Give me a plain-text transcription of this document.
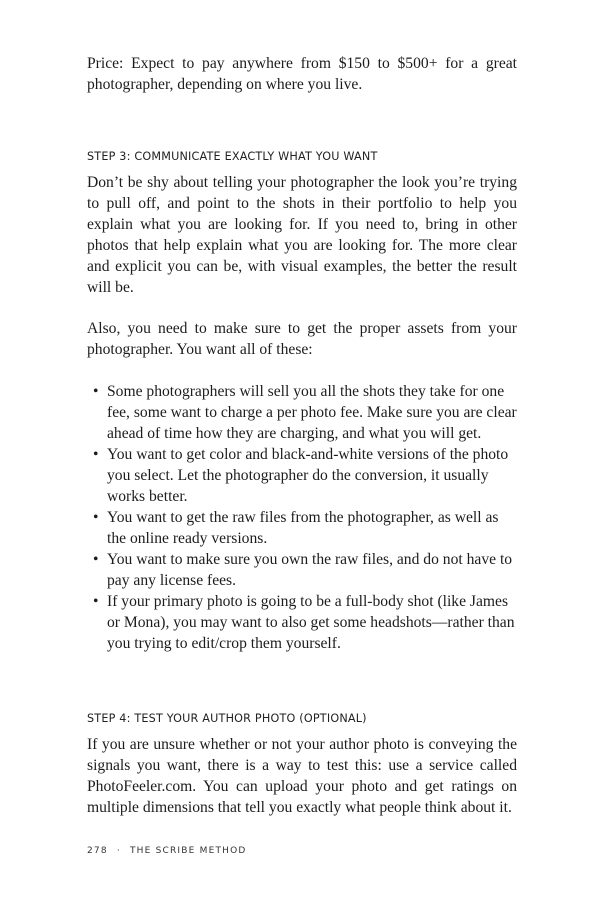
Price: Expect to pay anywhere from $150 to $500+ for a great photographer, depending on where you live.

STEP 3: COMMUNICATE EXACTLY WHAT YOU WANT

Don’t be shy about telling your photographer the look you’re trying to pull off, and point to the shots in their portfolio to help you explain what you are looking for. If you need to, bring in other photos that help explain what you are looking for. The more clear and explicit you can be, with visual examples, the better the result will be.

Also, you need to make sure to get the proper assets from your photographer. You want all of these:

• Some photographers will sell you all the shots they take for one fee, some want to charge a per photo fee. Make sure you are clear ahead of time how they are charging, and what you will get.
• You want to get color and black-and-white versions of the photo you select. Let the photographer do the conversion, it usually works better.
• You want to get the raw files from the photographer, as well as the online ready versions.
• You want to make sure you own the raw files, and do not have to pay any license fees.
• If your primary photo is going to be a full-body shot (like James or Mona), you may want to also get some headshots—rather than you trying to edit/crop them yourself.
STEP 4: TEST YOUR AUTHOR PHOTO (OPTIONAL)

If you are unsure whether or not your author photo is conveying the signals you want, there is a way to test this: use a service called PhotoFeeler.com. You can upload your photo and get ratings on multiple dimensions that tell you exactly what people think about it.

278 · THE SCRIBE METHOD
